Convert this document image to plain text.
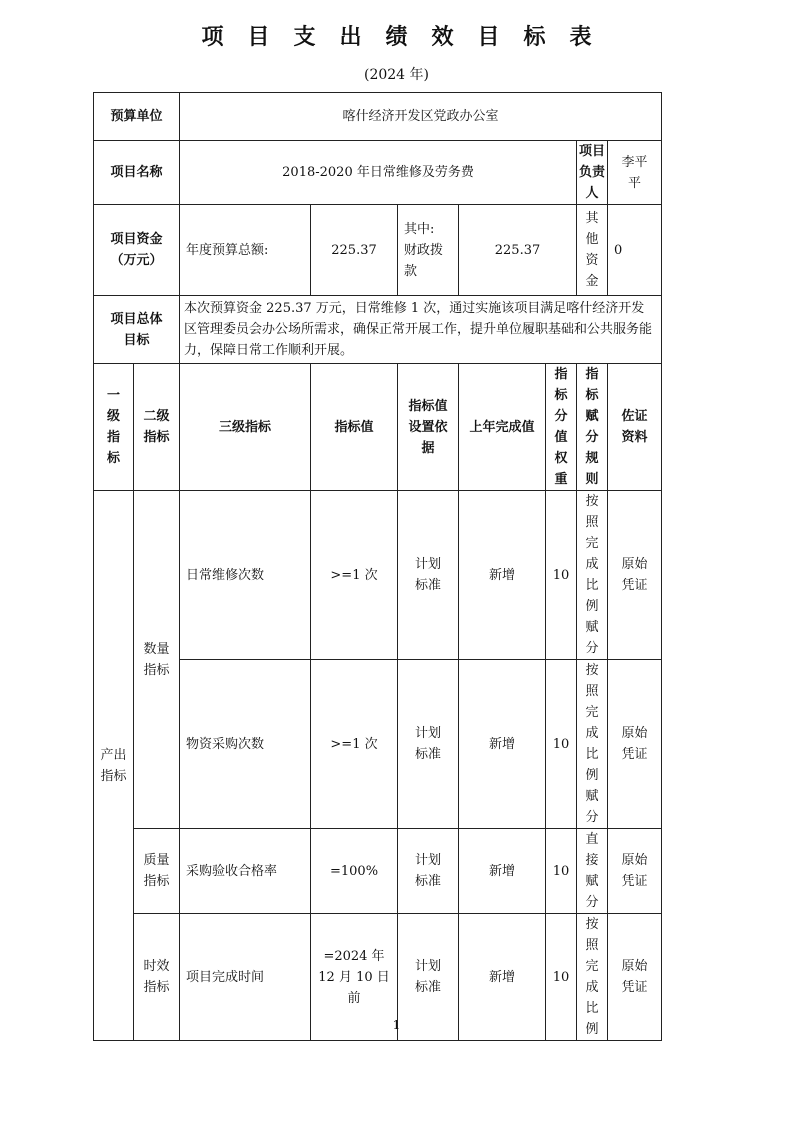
项目支出绩效目标表
(2024 年)
预算单位		喀什经济开发区党政办公室						
项目名称		2018-2020 年日常维修及劳务费					项目负责人	李平平

项目资金（万元）		年度预算总额:	225.37	其中:财政拨款	225.37		其他资金	0

项目总体目标		本次预算资金 225.37 万元，日常维修 1 次，通过实施该项目满足喀什经济开发区管理委员会办公场所需求，确保正常开展工作，提升单位履职基础和公共服务能力，保障日常工作顺利开展。						

一级指标	二级指标	三级指标	指标值	指标值设置依据	上年完成值	指标分值权重	指标赋分规则	佐证资料

产出指标	数量指标	日常维修次数	>=1 次	计划标准	新增	10	按照完成比例赋分	原始凭证

		物资采购次数	>=1 次	计划标准	新增	10	按照完成比例赋分	原始凭证

	质量指标	采购验收合格率	=100%	计划标准	新增	10	直接赋分	原始凭证

	时效指标	项目完成时间	=2024 年 12 月 10 日前	计划标准	新增	10	按照完成比例	原始凭证
1
